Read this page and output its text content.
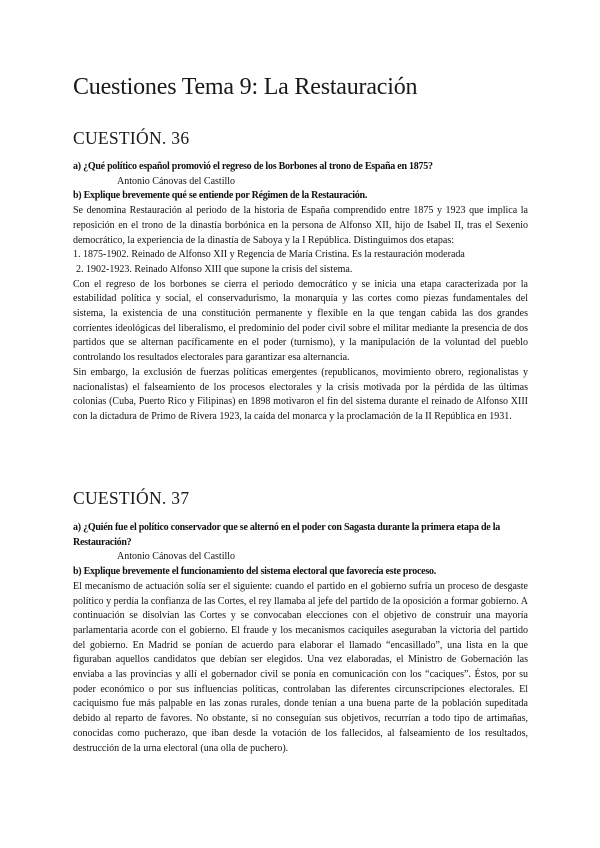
Cuestiones Tema 9: La Restauración
CUESTIÓN. 36
a) ¿Qué político español promovió el regreso de los Borbones al trono de España en 1875?
Antonio Cánovas del Castillo
b) Explique brevemente qué se entiende por Régimen de la Restauración.
Se denomina Restauración al periodo de la historia de España comprendido entre 1875 y 1923 que implica la reposición en el trono de la dinastía borbónica en la persona de Alfonso XII, hijo de Isabel II, tras el Sexenio democrático, la experiencia de la dinastía de Saboya y la I República. Distinguimos dos etapas:
1. 1875-1902. Reinado de Alfonso XII y Regencia de María Cristina. Es la restauración moderada
2. 1902-1923. Reinado Alfonso XIII que supone la crisis del sistema.
Con el regreso de los borbones se cierra el periodo democrático y se inicia una etapa caracterizada por la estabilidad política y social, el conservadurismo, la monarquía y las cortes como piezas fundamentales del sistema, la existencia de una constitución permanente y flexible en la que tengan cabida las dos grandes corrientes ideológicas del liberalismo, el predominio del poder civil sobre el militar mediante la presencia de dos partidos que se alternan pacíficamente en el poder (turnismo), y la manipulación de la voluntad del pueblo controlando los resultados electorales para garantizar esa alternancia.
Sin embargo, la exclusión de fuerzas políticas emergentes (republicanos, movimiento obrero, regionalistas y nacionalistas) el falseamiento de los procesos electorales y la crisis motivada por la pérdida de las últimas colonias (Cuba, Puerto Rico y Filipinas) en 1898 motivaron el fin del sistema durante el reinado de Alfonso XIII con la dictadura de Primo de Rivera 1923, la caída del monarca y la proclamación de la II República en 1931.
CUESTIÓN. 37
a) ¿Quién fue el político conservador que se alternó en el poder con Sagasta durante la primera etapa de la Restauración?
Antonio Cánovas del Castillo
b) Explique brevemente el funcionamiento del sistema electoral que favorecía este proceso.
El mecanismo de actuación solía ser el siguiente: cuando el partido en el gobierno sufría un proceso de desgaste político y perdía la confianza de las Cortes, el rey llamaba al jefe del partido de la oposición a formar gobierno. A continuación se disolvían las Cortes y se convocaban elecciones con el objetivo de construir una mayoría parlamentaria acorde con el gobierno. El fraude y los mecanismos caciquiles aseguraban la victoria del partido del gobierno. En Madrid se ponían de acuerdo para elaborar el llamado “encasillado”, una lista en la que figuraban aquellos candidatos que debían ser elegidos. Una vez elaboradas, el Ministro de Gobernación las enviaba a las provincias y allí el gobernador civil se ponía en comunicación con los “caciques”. Éstos, por su poder económico o por sus influencias políticas, controlaban las diferentes circunscripciones electorales. El caciquismo fue más palpable en las zonas rurales, donde tenían a una buena parte de la población supeditada debido al reparto de favores. No obstante, si no conseguían sus objetivos, recurrían a todo tipo de artimañas, conocidas como pucherazo, que iban desde la votación de los fallecidos, al falseamiento de los resultados, destrucción de la urna electoral (una olla de puchero).
